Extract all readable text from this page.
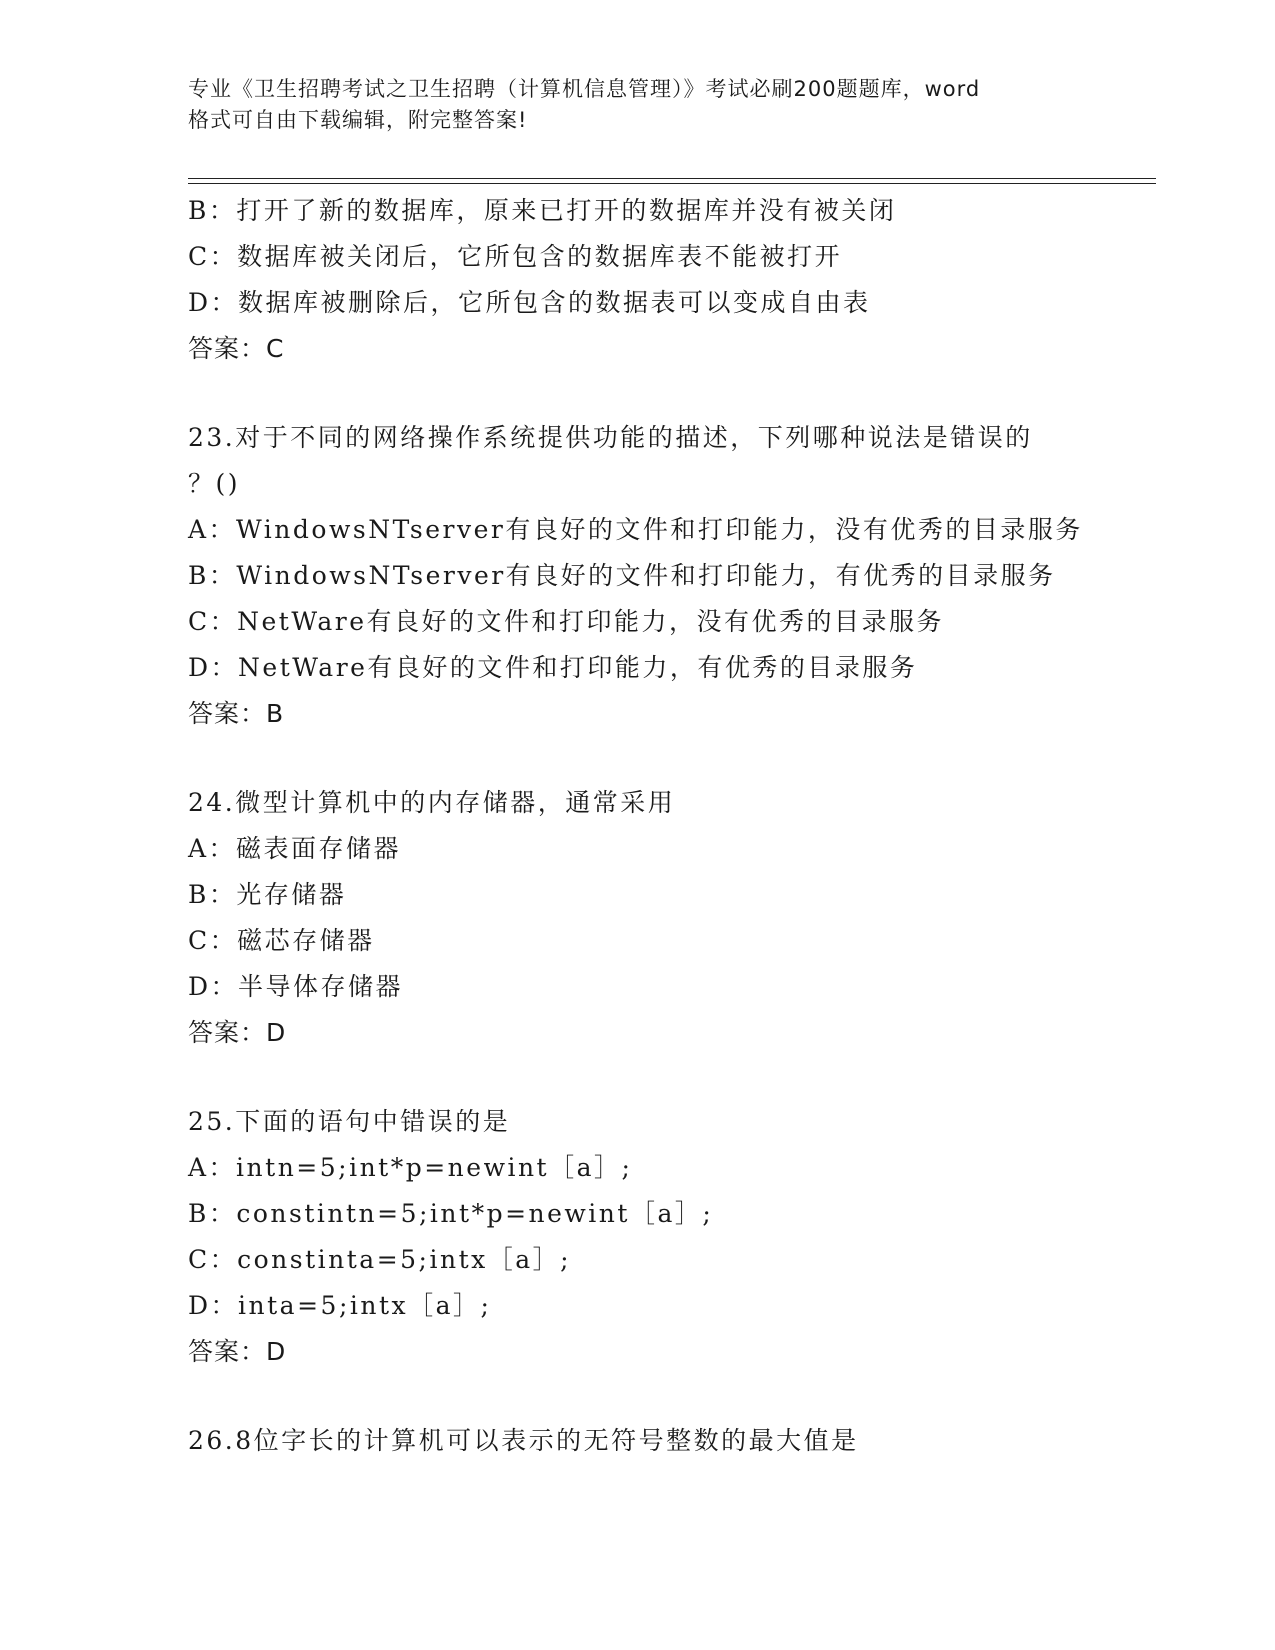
专业《卫生招聘考试之卫生招聘（计算机信息管理）》考试必刷200题题库，word
格式可自由下载编辑，附完整答案!
B：打开了新的数据库，原来已打开的数据库并没有被关闭
C：数据库被关闭后，它所包含的数据库表不能被打开
D：数据库被删除后，它所包含的数据表可以变成自由表
答案：C
23.对于不同的网络操作系统提供功能的描述，下列哪种说法是错误的
？()
A：WindowsNTserver有良好的文件和打印能力，没有优秀的目录服务
B：WindowsNTserver有良好的文件和打印能力，有优秀的目录服务
C：NetWare有良好的文件和打印能力，没有优秀的目录服务
D：NetWare有良好的文件和打印能力，有优秀的目录服务
答案：B
24.微型计算机中的内存储器，通常采用
A：磁表面存储器
B：光存储器
C：磁芯存储器
D：半导体存储器
答案：D
25.下面的语句中错误的是
A：intn=5;int*p=newint［a］;
B：constintn=5;int*p=newint［a］;
C：constinta=5;intx［a］;
D：inta=5;intx［a］;
答案：D
26.8位字长的计算机可以表示的无符号整数的最大值是
